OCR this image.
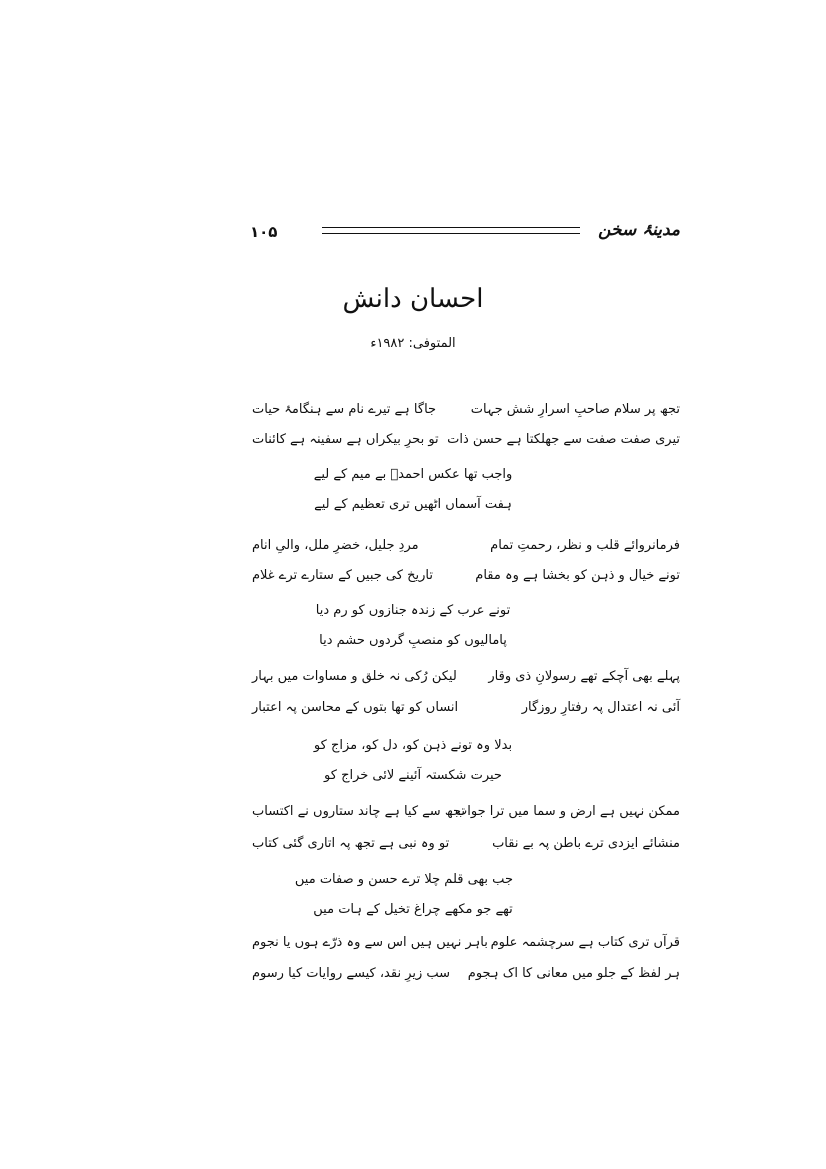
مدینۂ سخن
۱۰۵
احسان دانش
المتوفی: ۱۹۸۲ء
تجھ پر سلام صاحبِ اسرارِ شش جہات
جاگا ہے تیرے نام سے ہنگامۂ حیات
تیری صفت صفت سے جھلکتا ہے حسن ذات
تو بحرِ بیکراں ہے سفینہ ہے کائنات
واجب تھا عکس احمدؐ بے میم کے لیے
ہفت آسماں اٹھیں تری تعظیم کے لیے
فرمانروائے قلب و نظر، رحمتِ تمام
مردِ جلیل، خضرِ ملل، والیِ انام
تونے خیال و ذہن کو بخشا ہے وہ مقام
تاریخ کی جبیں کے ستارے ترے غلام
تونے عرب کے زندہ جنازوں کو رم دیا
پامالیوں کو منصبِ گردوں حشم دیا
پہلے بھی آچکے تھے رسولانِ ذی وقار
لیکن رُکی نہ خلق و مساوات میں بہار
آئی نہ اعتدال پہ رفتارِ روزگار
انساں کو تھا بتوں کے محاسن پہ اعتبار
بدلا وہ تونے ذہن کو، دل کو، مزاج کو
حیرت شکستہ آئینے لائی خراج کو
ممکن نہیں ہے ارض و سما میں ترا جواب
تجھ سے کیا ہے چاند ستاروں نے اکتساب
منشائے ایزدی ترے باطن پہ بے نقاب
تو وہ نبی ہے تجھ پہ اتاری گئی کتاب
جب بھی قلم چلا ترے حسن و صفات میں
تھے جو مکھے چراغ تخیل کے ہات میں
قرآں تری کتاب ہے سرچشمہ علوم
باہر نہیں ہیں اس سے وہ ذرّے ہوں یا نجوم
ہر لفظ کے جلو میں معانی کا اک ہجوم
سب زیرِ نقد، کیسے روایات کیا رسوم
